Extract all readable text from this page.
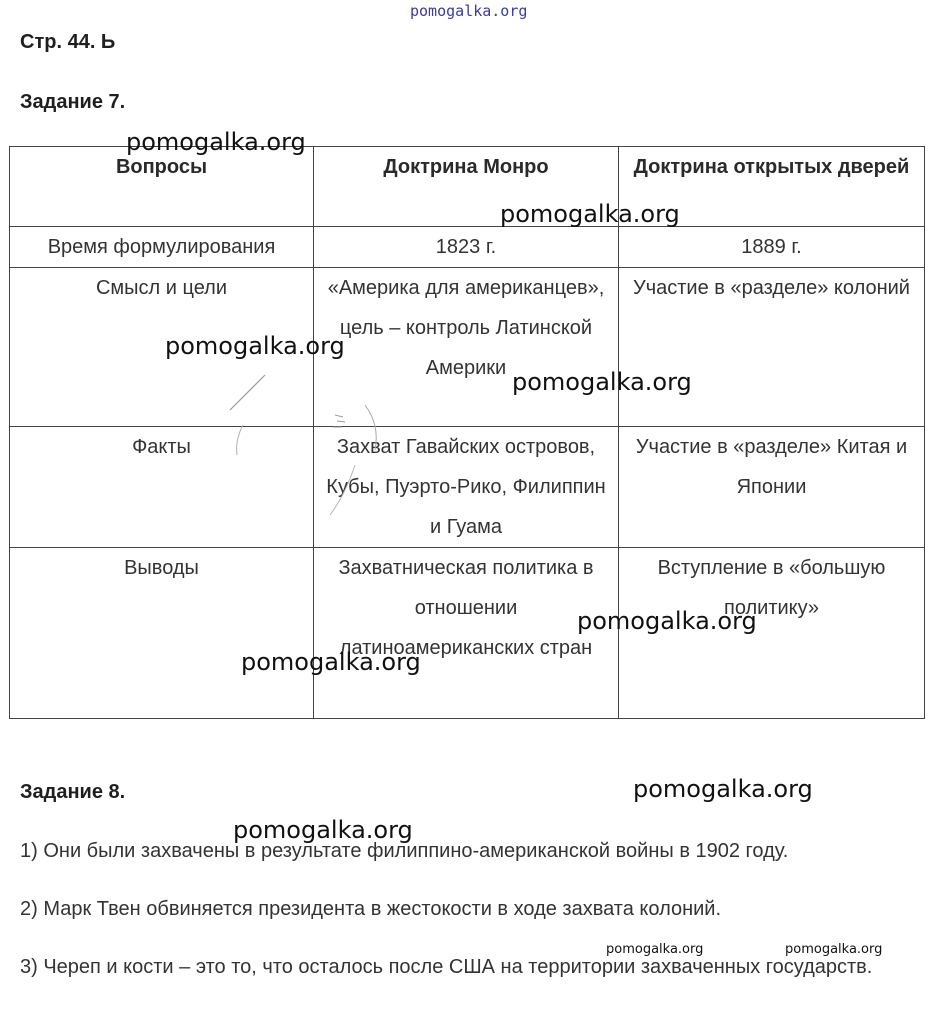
pomogalka.org
Стр. 44. Ь
Задание 7.
Вопросы	Доктрина Монро	Доктрина открытых дверей
Время формулирования	1823 г.	1889 г.
Смысл и цели	«Америка для американцев», цель – контроль Латинской Америки	Участие в «разделе» колоний
Факты	Захват Гавайских островов, Кубы, Пуэрто-Рико, Филиппин и Гуама	Участие в «разделе» Китая и Японии
Выводы	Захватническая политика в отношении латиноамериканских стран	Вступление в «большую политику»
Задание 8.
1) Они были захвачены в результате филиппино-американской войны в 1902 году.
2) Марк Твен обвиняется президента в жестокости в ходе захвата колоний.
3) Череп и кости – это то, что осталось после США на территории захваченных государств.
pomogalka.org
pomogalka.org
pomogalka.org
pomogalka.org
pomogalka.org
pomogalka.org
pomogalka.org
pomogalka.org
pomogalka.org	pomogalka.org
